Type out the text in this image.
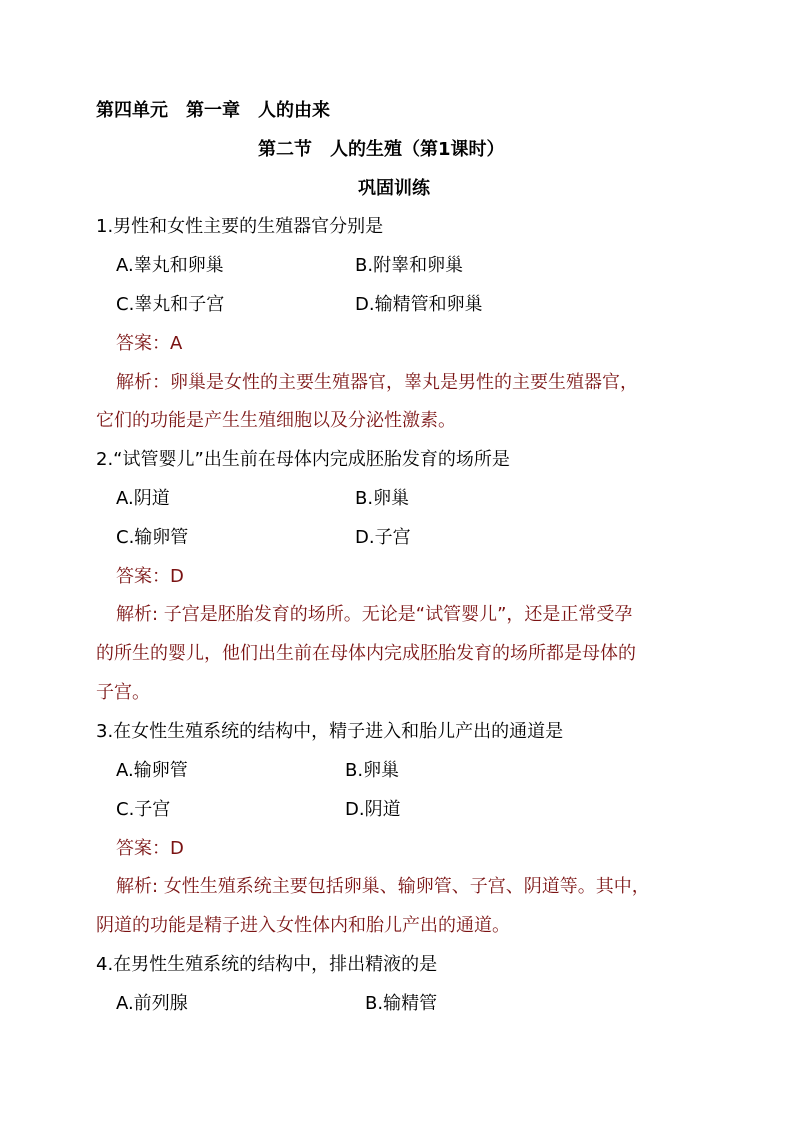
第四单元　第一章　人的由来
第二节　人的生殖（第1课时）
巩固训练
1.男性和女性主要的生殖器官分别是
A.睾丸和卵巢	B.附睾和卵巢
C.睾丸和子宫	D.输精管和卵巢
答案：A
解析：卵巢是女性的主要生殖器官，睾丸是男性的主要生殖器官，
它们的功能是产生生殖细胞以及分泌性激素。
2.“试管婴儿”出生前在母体内完成胚胎发育的场所是
A.阴道	B.卵巢
C.输卵管	D.子宫
答案：D
解析: 子宫是胚胎发育的场所。无论是“试管婴儿”，还是正常受孕
的所生的婴儿，他们出生前在母体内完成胚胎发育的场所都是母体的
子宫。
3.在女性生殖系统的结构中，精子进入和胎儿产出的通道是
A.输卵管	B.卵巢
C.子宫	D.阴道
答案：D
解析: 女性生殖系统主要包括卵巢、输卵管、子宫、阴道等。其中，
阴道的功能是精子进入女性体内和胎儿产出的通道。
4.在男性生殖系统的结构中，排出精液的是
A.前列腺	B.输精管
